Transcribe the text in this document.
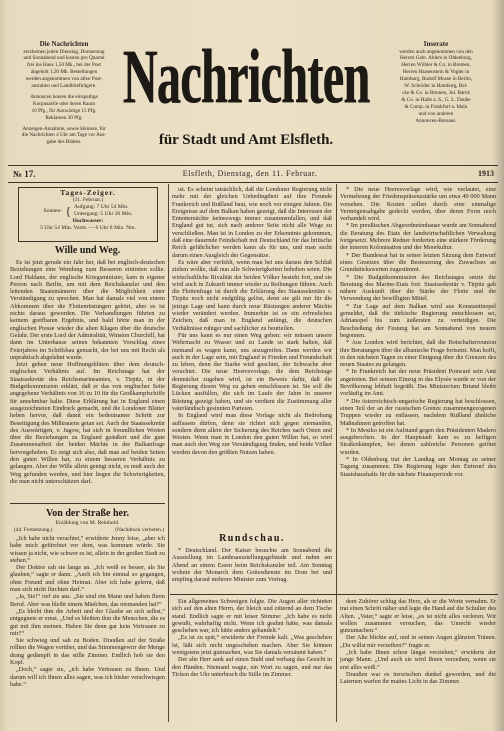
Die Nachrichten
erscheinen jeden Dienstag, Donnerstag
und Sonnabend und kosten pro Quartal
frei ins Haus 1,50 Mk., bei der Post
abgeholt 1,20 Mk. Bestellungen
werden angenommen von allen Post-
anstalten und Landbriefträgern.
Annoncen kosten die einspaltige
Korpuszeile oder deren Raum
10 Pfg., für Auswärtige 15 Pfg.
Reklamen 30 Pfg.
Anzeigen-Annahme, sowie kleinere, für
die Nachrichten 4 Uhr am Tage vor Aus-
gabe des Blattes.
Nachrichten
für Stadt und Amt Elsfleth.
Inserate
werden auch angenommen von den
Herren Gebr. Ahlers in Oldenburg,
Herren Wöhler & Co. in Bremen,
Herren Haasenstein & Vogler in
Hamburg, Rudolf Mosse in Berlin,
W. Schröder in Hamburg, Bal-
cke & Co. in Bremen, Jul. Barck
& Co. in Halle a. S., G. L. Daube
& Comp. in Frankfurt a. Main
und von anderen
Annoncen-Bureaus.
№ 17.	Elsfleth, Dienstag, den 11. Februar.	1913
Tages-Zeiger.
(11. Februar.)
Sonnen- { Aufgang: 7 Uhr 54 Min.
Untergang: 5 Uhr 26 Min.
Hochwasser:
5 Uhr 54 Min. Vorm. — 6 Uhr 8 Min. Nm.
Wille und Weg.

Es ist jetzt gerade ein Jahr her, daß bei englisch-deutschen Beziehungen eine Wendung zum Besseren eintreten sollte. Lord Haldane, der englische Kriegsminister, kam in eigener Person nach Berlin, um mit dem Reichskanzler und den leitenden Staatsmännern über die Möglichkeit einer Verständigung zu sprechen. Man hat damals viel von einem Abkommen über die Flottenrüstungen gehört, aber es ist nichts daraus geworden. Die Verhandlungen führten zu keinem greifbaren Ergebnis, und bald hörte man in der englischen Presse wieder die alten Klagen über die deutsche Gefahr. Der erste Lord der Admiralität, Winston Churchill, hat dann im Unterhause seinen bekannten Vorschlag eines Feierjahres im Schiffsbau gemacht, der bei uns mit Recht als unpraktisch abgelehnt wurde.

Jetzt gehen neue Hoffnungsblüten über dem deutsch-englischen Verhältnis auf. Im Reichstage hat der Staatssekretär des Reichsmarineamtes, v. Tirpitz, in der Budgetkommission erklärt, daß er das von englischer Seite angegebene Verhältnis von 16 zu 10 für die Großkampfschiffe für annehmbar halte. Diese Erklärung hat in England einen ausgezeichneten Eindruck gemacht, und die Londoner Blätter heben hervor, daß damit ein bedeutsamer Schritt zur Beseitigung des Mißtrauens getan sei. Auch der Staatssekretär des Auswärtigen, v. Jagow, hat sich in freundlichen Worten über die Beziehungen zu England geäußert und die gute Zusammenarbeit der beiden Mächte in der Balkanfrage hervorgehoben. Es zeigt sich also, daß man auf beiden Seiten den guten Willen hat, zu einem besseren Verhältnis zu gelangen. Aber der Wille allein genügt nicht, es muß auch der Weg gefunden werden, und hier liegen die Schwierigkeiten, die man nicht unterschätzen darf.

Von der Straße her.
Erzählung von M. Reinhold.
(44. Fortsetzung.)	(Nachdruck verboten.)

„Ich habe nicht verachtet,“ erwiderte Jenny leise, „aber ich habe mich gefürchtet vor dem, was kommen würde. Sie wissen ja nicht, wie schwer es ist, allein in der großen Stadt zu stehen.“

Der Doktor sah sie lange an. „Ich weiß es besser, als Sie glauben,“ sagte er dann. „Auch ich bin einmal so gegangen, ohne Freund und ohne Heimat. Aber ich habe gelernt, daß man sich nicht fürchten darf.“

„Ja, Sie!“ rief sie aus. „Sie sind ein Mann und haben Ihren Beruf. Aber was bleibt einem Mädchen, das niemanden hat?“

„Es bleibt ihm die Arbeit und der Glaube an sich selbst,“ entgegnete er ernst. „Und es bleiben ihm die Menschen, die es gut mit ihm meinen. Haben Sie denn gar kein Vertrauen zu mir?“

Sie schwieg und sah zu Boden. Draußen auf der Straße rollten die Wagen vorüber, und das Stimmengewirr der Menge drang gedämpft in das stille Zimmer. Endlich hob sie den Kopf.

„Doch,“ sagte sie, „ich habe Vertrauen zu Ihnen. Und darum will ich Ihnen alles sagen, was ich bisher verschwiegen habe.“

ist. Es scheint tatsächlich, daß die Londoner Regierung nicht mehr mit der gleichen Unbedingtheit auf ihre Freunde Frankreich und Rußland baut, wie noch vor einigen Jahren. Die Ereignisse auf dem Balkan haben gezeigt, daß die Interessen der Ententemächte keineswegs immer zusammenfallen, und daß England gut tut, sich nach anderer Seite nicht alle Wege zu verschließen. Man ist in London zu der Erkenntnis gekommen, daß eine dauernde Feindschaft mit Deutschland für das britische Reich gefährlicher werden kann als für uns, und man sucht darum einen Ausgleich der Gegensätze.

Es wäre aber verfehlt, wenn man bei uns daraus den Schluß ziehen wollte, daß nun alle Schwierigkeiten behoben seien. Die wirtschaftliche Rivalität der beiden Völker besteht fort, und sie wird auch in Zukunft immer wieder zu Reibungen führen. Auch die Flottenfrage ist durch die Erklärung des Staatssekretärs v. Tirpitz noch nicht endgültig gelöst, denn sie gilt nur für die jetzige Lage und kann durch neue Rüstungen anderer Mächte wieder verändert werden. Immerhin ist es ein erfreuliches Zeichen, daß man in England anfängt, die deutschen Verhältnisse ruhiger und sachlicher zu beurteilen.

Für uns kann es nur einen Weg geben: wir müssen unsere Wehrmacht zu Wasser und zu Lande so stark halten, daß niemand es wagen kann, uns anzugreifen. Dann werden wir auch in der Lage sein, mit England in Frieden und Freundschaft zu leben, denn der Starke wird geachtet, der Schwache aber verachtet. Die neue Heeresvorlage, die dem Reichstage demnächst zugehen wird, ist ein Beweis dafür, daß die Regierung diesen Weg zu gehen entschlossen ist. Sie soll die Lücken ausfüllen, die sich im Laufe der Jahre in unserer Rüstung gezeigt haben, und sie verdient die Zustimmung aller vaterländisch gesinnten Parteien.

In England wird man diese Vorlage nicht als Bedrohung auffassen dürfen, denn sie richtet sich gegen niemanden, sondern dient allein der Sicherung des Reiches nach Osten und Westen. Wenn man in London den guten Willen hat, so wird man auch den Weg zur Verständigung finden, und beide Völker werden davon den größten Nutzen haben.

Rundschau.

* Deutschland. Der Kaiser besuchte am Sonnabend die Ausstellung im Landesausstellungsgebäude und nahm am Abend an einem Essen beim Reichskanzler teil. Am Sonntag wohnte der Monarch dem Gottesdienste im Dom bei und empfing darauf mehrere Minister zum Vortrag.

* Die neue Heeresvorlage wird, wie verlautet, eine Vermehrung der Friedenspräsenzstärke um etwa 40 000 Mann vorsehen. Die Kosten sollen durch eine einmalige Vermögensabgabe gedeckt werden, über deren Form noch verhandelt wird.

* Im preußischen Abgeordnetenhause wurde am Sonnabend die Beratung des Etats der landwirtschaftlichen Verwaltung fortgesetzt. Mehrere Redner forderten eine stärkere Förderung der inneren Kolonisation und der Moorkultur.

* Der Bundesrat hat in seiner letzten Sitzung dem Entwurf eines Gesetzes über die Besteuerung des Zuwachses an Grundstückswerten zugestimmt.

* Die Budgetkommission des Reichstages setzte die Beratung des Marine-Etats fort. Staatssekretär v. Tirpitz gab nähere Auskunft über die Stärke der Flotte und die Verwendung der bewilligten Mittel.

* Zur Lage auf dem Balkan wird aus Konstantinopel gemeldet, daß die türkische Regierung entschlossen sei, Adrianopel bis zum äußersten zu verteidigen. Die Beschießung der Festung hat am Sonnabend von neuem begonnen.

* Aus London wird berichtet, daß die Botschafterreunion ihre Beratungen über die albanische Frage fortsetzt. Man hofft, in den nächsten Tagen zu einer Einigung über die Grenzen des neuen Staates zu gelangen.

* In Frankreich hat der neue Präsident Poincaré sein Amt angetreten. Bei seinem Einzug in das Elysée wurde er von der Bevölkerung lebhaft begrüßt. Das Ministerium Briand bleibt vorläufig im Amt.

* Die österreichisch-ungarische Regierung hat beschlossen, einen Teil der an der russischen Grenze zusammengezogenen Truppen wieder zu entlassen, nachdem Rußland ähnliche Maßnahmen getroffen hat.

* In Mexiko ist ein Aufstand gegen den Präsidenten Madero ausgebrochen. In der Hauptstadt kam es zu heftigen Straßenkämpfen, bei denen zahlreiche Personen getötet wurden.

* In Oldenburg trat der Landtag am Montag zu seiner Tagung zusammen. Die Regierung legte den Entwurf des Staatshaushalts für die nächste Finanzperiode vor.

Ein allgemeines Schweigen folgte. Die Augen aller richteten sich auf den alten Herrn, der bleich und zitternd an dem Tische stand. Endlich sagte er mit leiser Stimme: „Ich habe es nicht gewußt, wahrhaftig nicht. Wenn ich geahnt hätte, was damals geschehen war, ich hätte anders gehandelt.“

„Es ist zu spät,“ erwiderte der Fremde kalt. „Was geschehen ist, läßt sich nicht ungeschehen machen. Aber Sie können wenigstens jetzt gutmachen, was Sie damals versäumt haben.“

Der alte Herr sank auf einen Stuhl und verbarg das Gesicht in den Händen. Niemand wagte, ein Wort zu sagen, und nur das Ticken der Uhr unterbrach die Stille im Zimmer.

dem Zuhörer schlug das Herz, als er die Worte vernahm. Er trat einen Schritt näher und legte die Hand auf die Schulter des Alten. „Vater,“ sagte er leise, „es ist nicht alles verloren. Wir wollen zusammen versuchen, das Unrecht wieder gutzumachen.“

Der Alte blickte auf, und in seinen Augen glänzten Tränen. „Du willst mir verzeihen?“ fragte er.

„Ich habe Ihnen schon längst verziehen,“ erwiderte der junge Mann. „Und auch sie wird Ihnen verzeihen, wenn sie erst alles weiß.“

Draußen war es inzwischen dunkel geworden, und die Laternen warfen ihr mattes Licht in das Zimmer.
